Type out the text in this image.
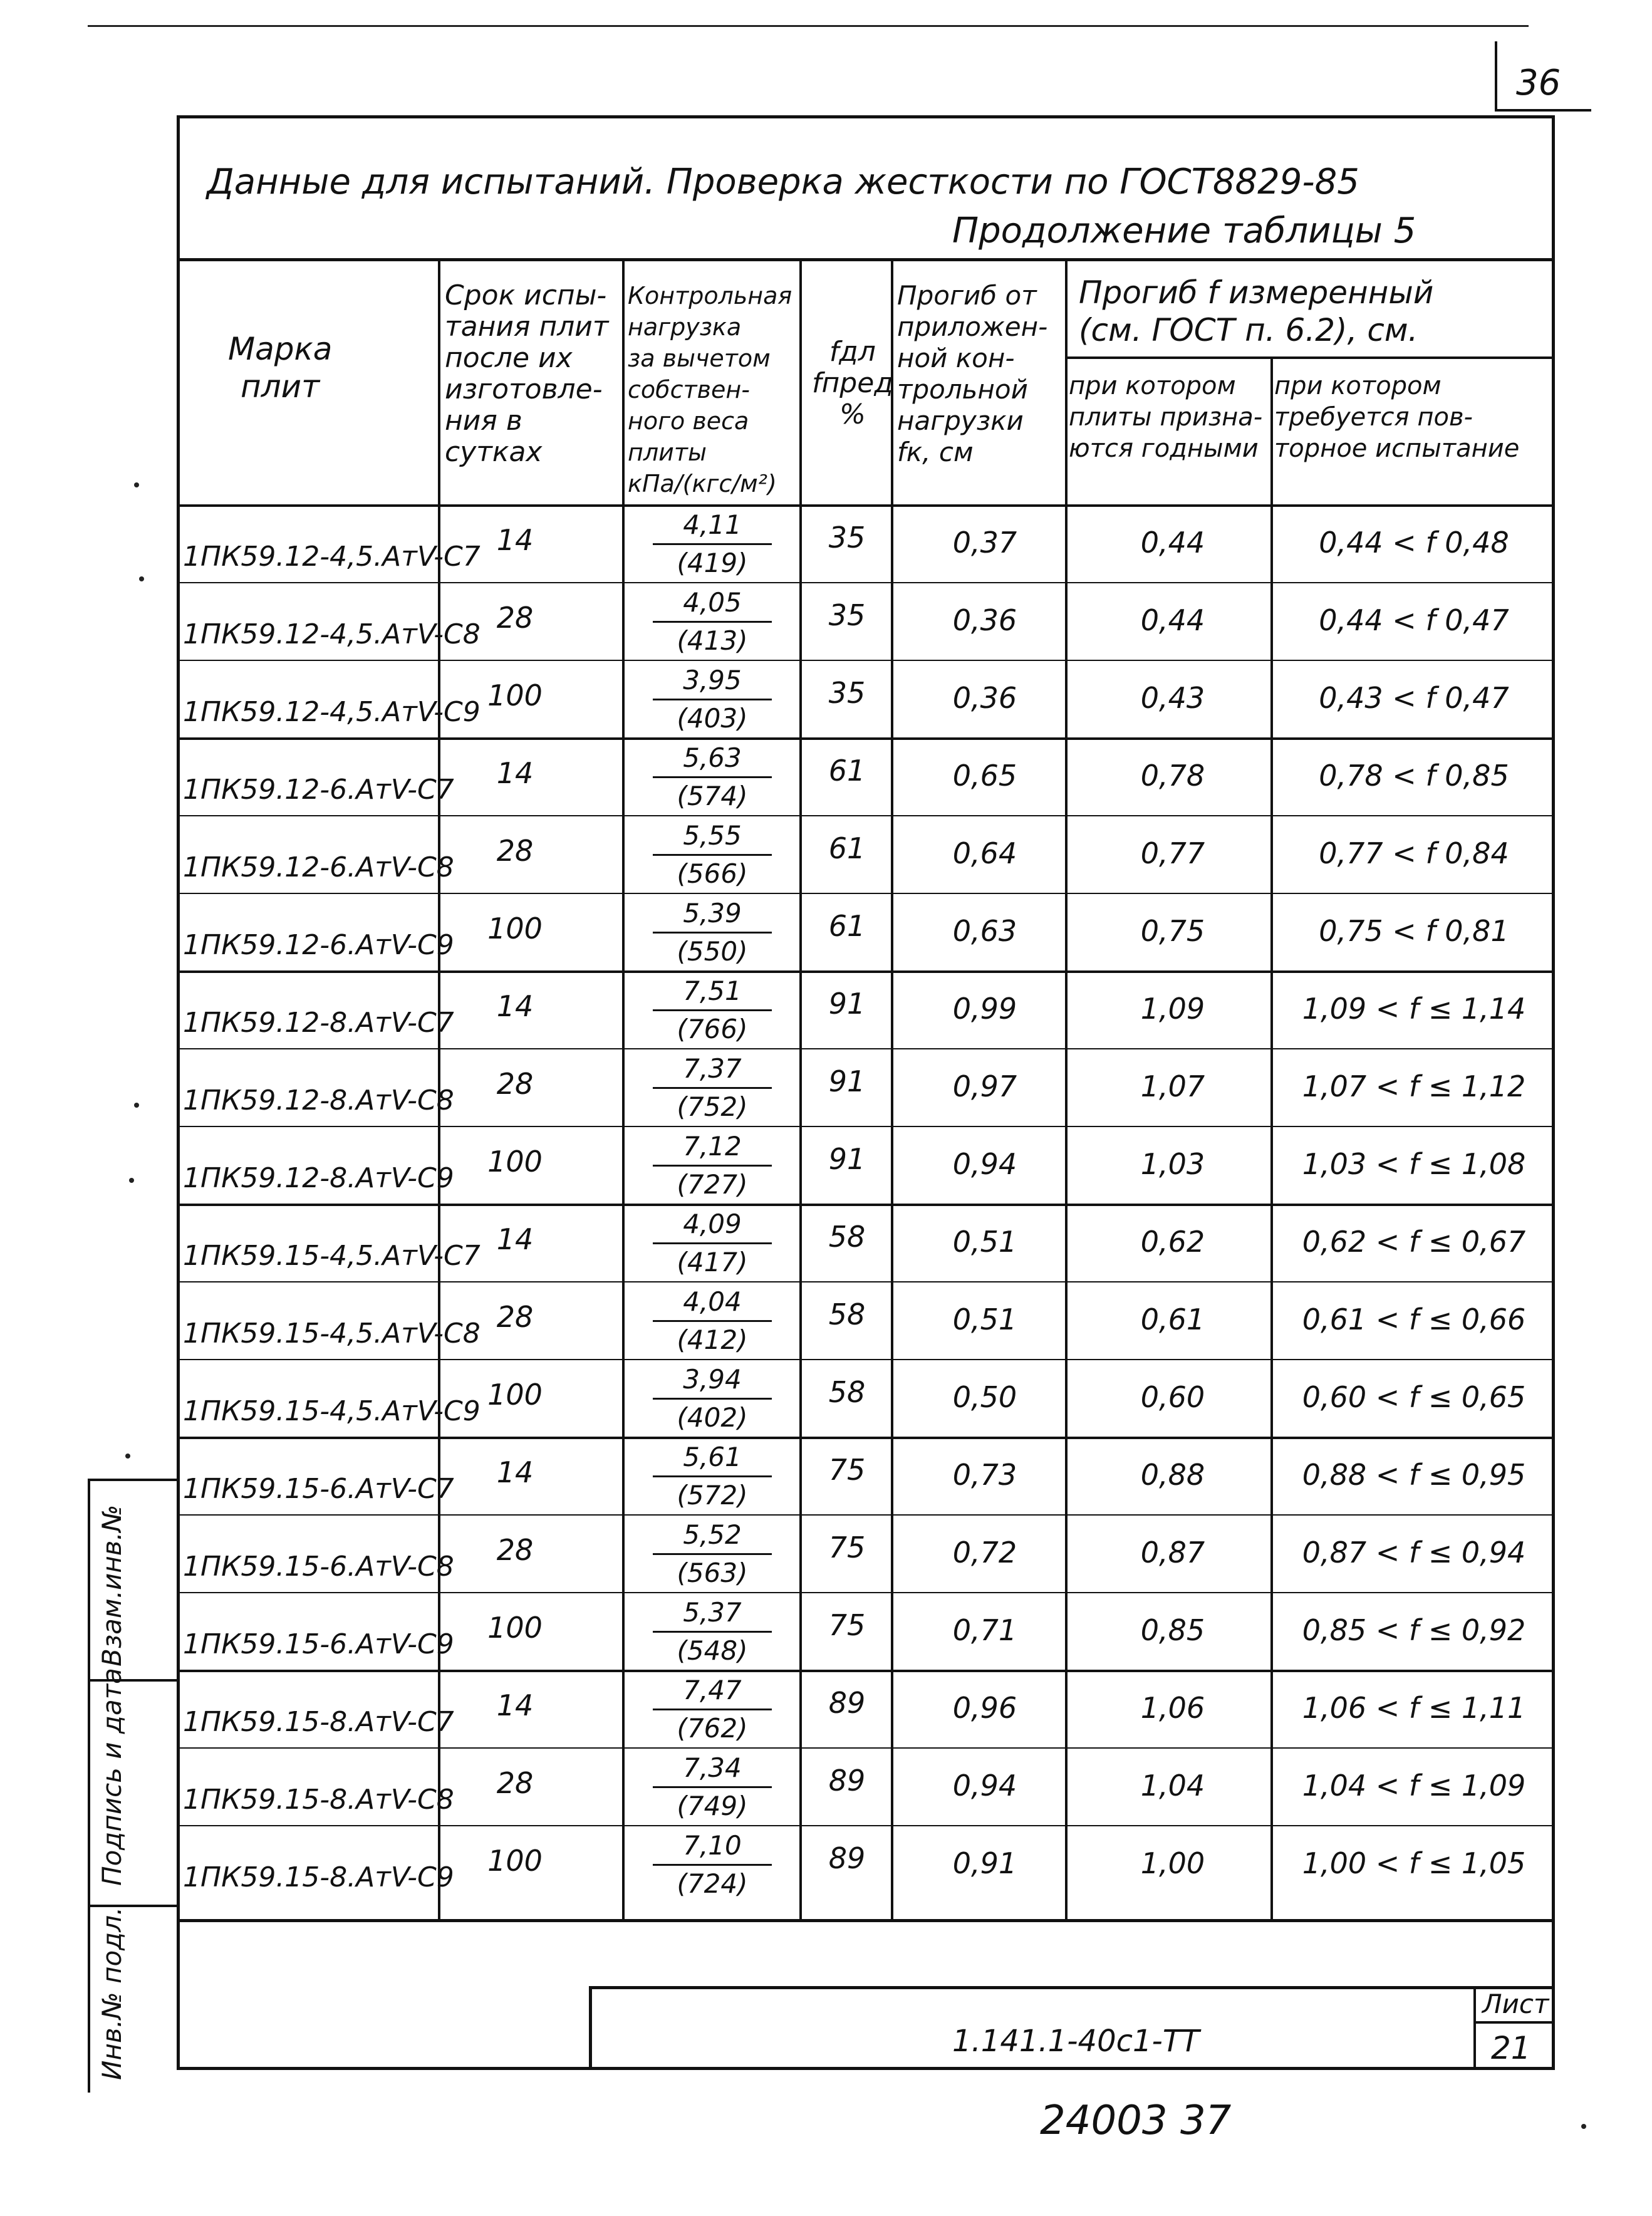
36
Данные для испытаний. Проверка жесткости по ГОСТ8829-85
Продолжение таблицы 5
Марка
плит
Срок испы-
тания плит
после их
изготовле-
ния в
сутках
Контрольная
нагрузка
за вычетом
собствен-
ного веса
плиты
кПа/(кгс/м²)
fдл
fпред
%
Прогиб от
приложен-
ной кон-
трольной
нагрузки
fк, см
Прогиб f измеренный
(см. ГОСТ п. 6.2), см.
при котором
плиты призна-
ются годными
при котором
требуется пов-
торное испытание
1ПК59.12-4,5.АтV-С7 14	$\frac{4,11}{(419)}$	35	0,37	0,44	0,44 < f 0,48
1ПК59.12-4,5.АтV-С8 28	$\frac{4,05}{(413)}$	35	0,36	0,44	0,44 < f 0,47
1ПК59.12-4,5.АтV-С9 100	$\frac{3,95}{(403)}$	35	0,36	0,43	0,43 < f 0,47
1ПК59.12-6.АтV-С7	14	$\frac{5,63}{(574)}$	61	0,65	0,78	0,78 < f 0,85
1ПК59.12-6.АтV-С8	28	$\frac{5,55}{(566)}$	61	0,64	0,77	0,77 < f 0,84
1ПК59.12-6.АтV-С9	100	$\frac{5,39}{(550)}$	61	0,63	0,75	0,75 < f 0,81
1ПК59.12-8.АтV-С7	14	$\frac{7,51}{(766)}$	91	0,99	1,09	1,09 < f ≤ 1,14
1ПК59.12-8.АтV-С8	28	$\frac{7,37}{(752)}$	91	0,97	1,07	1,07 < f ≤ 1,12
1ПК59.12-8.АтV-С9	100	$\frac{7,12}{(727)}$	91	0,94	1,03	1,03 < f ≤ 1,08
1ПК59.15-4,5.АтV-С7 14	$\frac{4,09}{(417)}$	58	0,51	0,62	0,62 < f ≤ 0,67
1ПК59.15-4,5.АтV-С8 28	$\frac{4,04}{(412)}$	58	0,51	0,61	0,61 < f ≤ 0,66
1ПК59.15-4,5.АтV-С9 100	$\frac{3,94}{(402)}$	58	0,50	0,60	0,60 < f ≤ 0,65
1ПК59.15-6.АтV-С7	14	$\frac{5,61}{(572)}$	75	0,73	0,88	0,88 < f ≤ 0,95
1ПК59.15-6.АтV-С8	28	$\frac{5,52}{(563)}$	75	0,72	0,87	0,87 < f ≤ 0,94
1ПК59.15-6.АтV-С9	100	$\frac{5,37}{(548)}$	75	0,71	0,85	0,85 < f ≤ 0,92
1ПК59.15-8.АтV-С7	14	$\frac{7,47}{(762)}$	89	0,96	1,06	1,06 < f ≤ 1,11
1ПК59.15-8.АтV-С8	28	$\frac{7,34}{(749)}$	89	0,94	1,04	1,04 < f ≤ 1,09
1ПК59.15-8.АтV-С9	100	$\frac{7,10}{(724)}$	89	0,91	1,00	1,00 < f ≤ 1,05
Взам.инв.№
Подпись и дата
Инв.№ подл.	1.141.1-40с1-ТТ
Лист
21
24003 37
